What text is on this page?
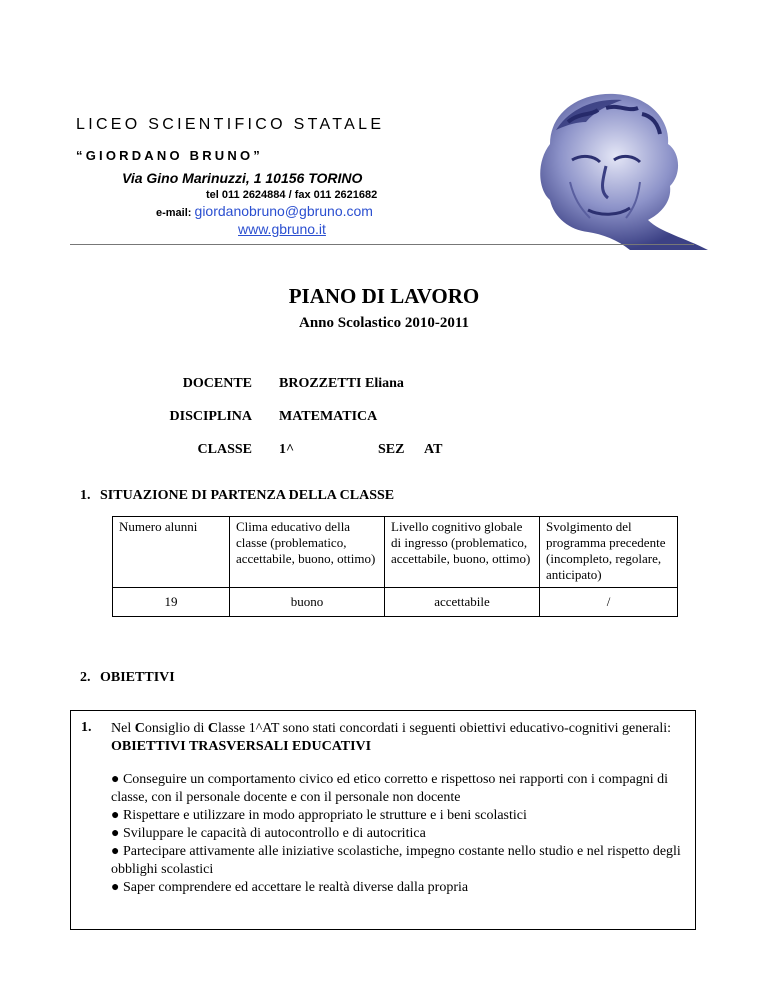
LICEO SCIENTIFICO STATALE
“GIORDANO BRUNO”
Via Gino Marinuzzi, 1 10156 TORINO
tel 011 2624884 / fax 011 2621682
e-mail: giordanobruno@gbruno.com
www.gbruno.it
PIANO DI LAVORO
Anno Scolastico 2010-2011
DOCENTE BROZZETTI Eliana
DISCIPLINA MATEMATICA
CLASSE 1^	SEZ AT
1. SITUAZIONE DI PARTENZA DELLA CLASSE
Numero alunni	Clima educativo della classe (problematico, accettabile, buono, ottimo)	Livello cognitivo globale di ingresso (problematico, accettabile, buono, ottimo)	Svolgimento del programma precedente (incompleto, regolare, anticipato)
19	buono	accettabile	/
2. OBIETTIVI
1. Nel Consiglio di Classe 1^AT sono stati concordati i seguenti obiettivi educativo-cognitivi generali: OBIETTIVI TRASVERSALI EDUCATIVI
● Conseguire un comportamento civico ed etico corretto e rispettoso nei rapporti con i compagni di classe, con il personale docente e con il personale non docente
● Rispettare e utilizzare in modo appropriato le strutture e i beni scolastici
● Sviluppare le capacità di autocontrollo e di autocritica
● Partecipare attivamente alle iniziative scolastiche, impegno costante nello studio e nel rispetto degli obblighi scolastici
● Saper comprendere ed accettare le realtà diverse dalla propria
